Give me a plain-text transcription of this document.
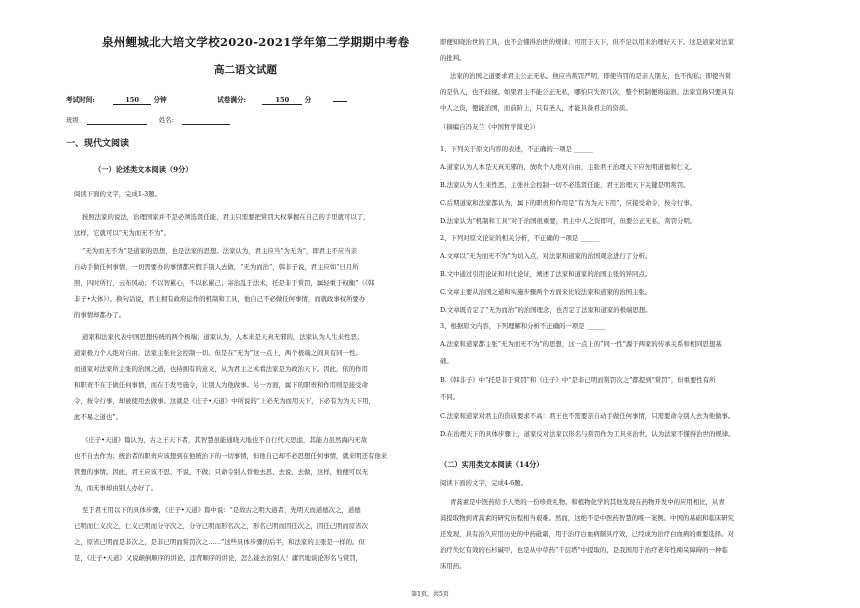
泉州鲤城北大培文学校2020-2021学年第二学期期中考卷
高二语文试题
考试时间:	150 分钟	试卷满分:	150 分
班级	姓名:
一、现代文阅读
（一）论述类文本阅读（9分）
阅读下面的文字，完成1-3题。
按照法家的说法，治理国家并不是必须选贤任能，君主只需要把赏罚大权掌握在自己的手里就可以了，
这样，它就可以“无为而无不为”。
“无为而无不为”是道家的思想，也是法家的思想。法家认为，君主应当“为无为”，即君主不应当亲
自动手做任何事情，一切需要办的事情都应假手别人去做，“无为而治”，韩非子说，君主应如“日月所
照，四时所行，云布风动；不以智累心，不以私累己；寄治乱于法术，托是非于赏罚，属轻重于权衡”（《韩
非子•大体》）。换句话说，君主拥有政府运作的机制和工具，他自己不必做任何事情，而就政事权所要办
的事情却都办了。
道家和法家代表中国思想传统的两个极端；道家认为，人本来是天真无邪的，法家认为人生来性恶；
道家极力个人绝对自由，法家主张社会控制一切。但是在“无为”这一点上，两个极端之间具有同一性。
而道家对法家所主张的治国之道，也持拥有的意义，从为君主之术看法家是为政治天下。因此，依的作用
和职责不在于做任何事情，而在于发号施令，让别人为他做事。另一方面，属下的职责和作用则是接受命
令，按令行事，却被使用去做事。这就是《庄子•天道》中所说的“上必无为而用天下，下必有为为天下用，
此不易之道也”。
《庄子•天道》篇认为，古之王天下者，其智慧虽能通晓天地也不自行代天思虑，其能力虽然海内无敌
也不自去作为；统治者的职责应该想到在他统治下的一切事情，但他自己却不必思想任何事情，就来明还有他来
管想的事情。因此，君王应该不思、不说，不做；只命令别人替他去思、去说、去做，这样，他便可以无
为，而无事却由别人办好了。
至于君王用以下的具体步骤，《庄子•天道》篇中说：“是故古之明大道者，先明天而道德次之，道德
已明而仁义次之，仁义已明而分守次之，分守已明而形名次之，形名已明而因任次之，因任已明而原省次
之，原省已明而是非次之，是非已明而赏罚次之……”这些具体步骤的后半，和法家的主张是一样的。但
是，《庄子•天道》又说颠倒顺序的讲论，违背顺序的讲论，怎么能去治别人！庸官地谈论形名与赏罚，
即便知晓治世的工具，也不会懂得治世的规律；可用于天下，但不足以用来治理好天下。这是道家对法家
的批判。
法家的治国之道要求君主公正无私。他应当赏罚严明，即使当罚的是亲人朋友，也不徇私；即使当赏
的是仇人，也不歧视。如果君主不能公正无私，哪怕只失误几次，整个机制便将崩溃。法家宣称只要具有
中人之资，便能治国，而前阶上，只有圣人，才能具备君主的资质。
（摘编自冯友兰《中国哲学简史》）
1、下列关于原文内容的表述，不正确的一项是 ______
A.道家认为人本是天真无邪的，放吹个人绝对自由，主张君王治理天下应先明道德和仁义。
B.法家认为人生来性恶，主张社会控制一切不必选贤任能，君王治理天下关键是明赏罚。
C.后期道家和法家都认为，属下的职责和作用是“有为为天下用”，应接受命令，按令行事。
D.法家认为“机制和工具”对于治国很重要，君主中人之资即可，但要公正无私，赏罚分明。
2、下列对原文论证的相关分析，不正确的一项是 ______
A.文章以“无为而无不为”为切入点，对法家和道家的治国观念进行了分析。
B.文中通过引用论证和对比论证，阐述了法家和道家的治国主张的异同点。
C.文章主要从治国之道和实施步骤两个方面来比较法家和道家的治国主张。
D.文章既肯定了“无为而治”的治国理念，也否定了法家和道家的极端思想。
3、根据原文内容，下列理解和分析不正确的一项是 ______
A.法家和道家都主张“无为而无不为”的思想，这一点上的“同一性”源于两家的传承关系和相同思想基
础。
B.《韩非子》中“托是非于赏罚”和《庄子》中“是非已明而赏罚次之”都提到“赏罚”，但重要性有所
不同。
C.法家和道家对君主的资质要求不高：君王也不需要亲自动手做任何事情，只需要命令别人去为他做事。
D.在治理天下的具体步骤上，道家反对法家以形名与赏罚作为工具来治世，认为法家不懂得治世的规律。
（二）实用类文本阅读（14分）
阅读下面的文字，完成4-6题。
青蒿素是中医药给予人类的一份珍贵礼物。和植物化学的其他发现在药物开发中的应用相比，从青
蒿提取物到青蒿素的研究历程相当艰难。然而，这绝不是中医药智慧的唯一案例。中国的基础和临床研究
还发现，具有治久应用历史的中药砒霜，用于治疗白血病颇具疗效，已经成为治疗白血病的重要选择。对
治疗失忆有效的石杉碱甲，也是从中草药“千层塔”中提取的，是我国用于治疗老年性痴呆障碍的一种临
床用药。
第1页，共5页
